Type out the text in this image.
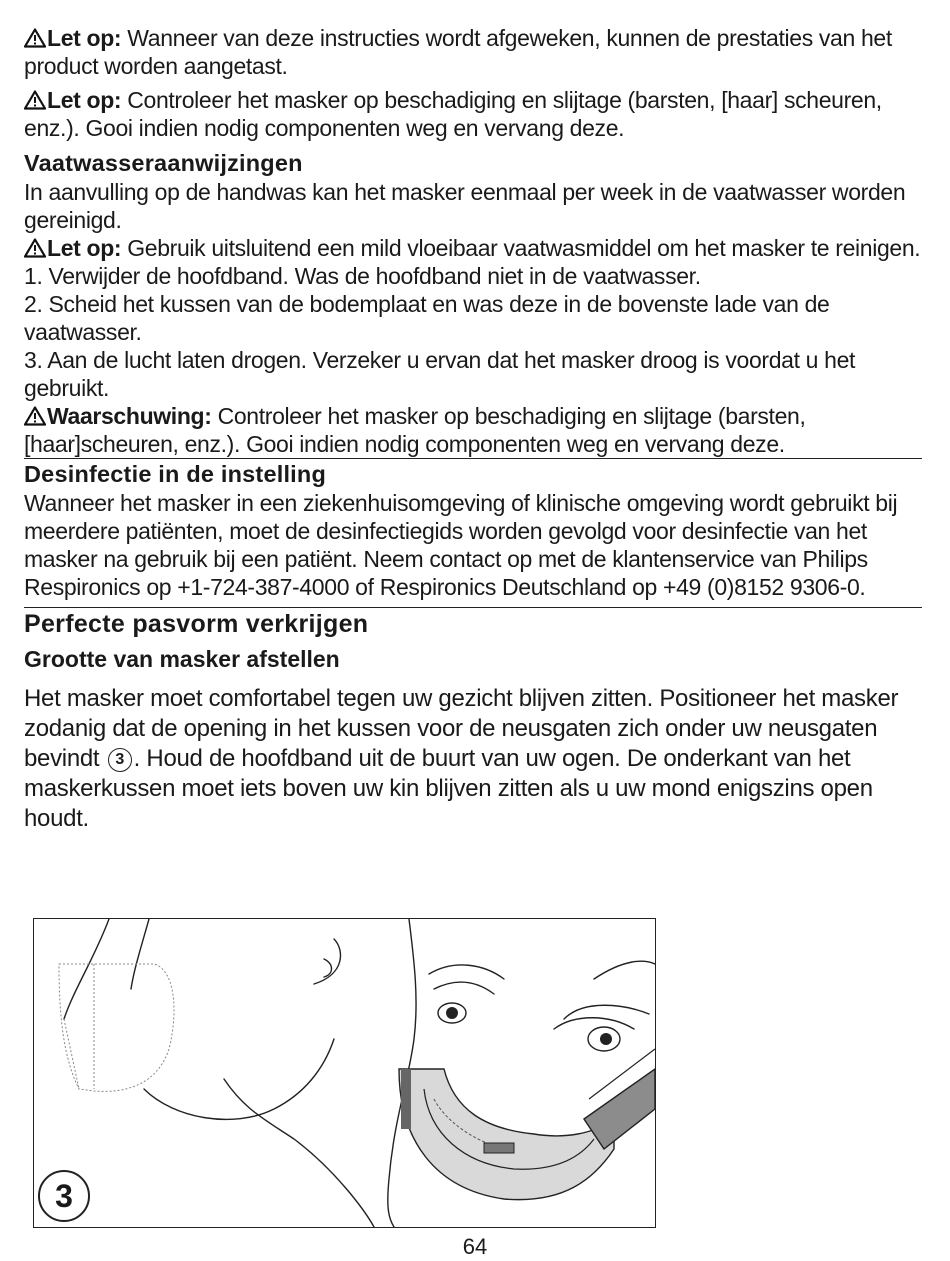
Let op: Wanneer van deze instructies wordt afgeweken, kunnen de prestaties van het product worden aangetast.

Let op: Controleer het masker op beschadiging en slijtage (barsten, [haar] scheuren, enz.). Gooi indien nodig componenten weg en vervang deze.

Vaatwasseraanwijzingen

In aanvulling op de handwas kan het masker eenmaal per week in de vaatwasser worden gereinigd.

Let op: Gebruik uitsluitend een mild vloeibaar vaatwasmiddel om het masker te reinigen.

1. Verwijder de hoofdband. Was de hoofdband niet in de vaatwasser.

2. Scheid het kussen van de bodemplaat en was deze in de bovenste lade van de vaatwasser.

3. Aan de lucht laten drogen. Verzeker u ervan dat het masker droog is voordat u het gebruikt.

Waarschuwing: Controleer het masker op beschadiging en slijtage (barsten, [haar]scheuren, enz.). Gooi indien nodig componenten weg en vervang deze.

Desinfectie in de instelling

Wanneer het masker in een ziekenhuisomgeving of klinische omgeving wordt gebruikt bij meerdere patiënten, moet de desinfectiegids worden gevolgd voor desinfectie van het masker na gebruik bij een patiënt. Neem contact op met de klantenservice van Philips Respironics op +1-724-387-4000 of Respironics Deutschland op +49 (0)8152 9306-0.

Perfecte pasvorm verkrijgen
Grootte van masker afstellen

Het masker moet comfortabel tegen uw gezicht blijven zitten. Positioneer het masker zodanig dat de opening in het kussen voor de neusgaten zich onder uw neusgaten bevindt 3 . Houd de hoofdband uit de buurt van uw ogen. De onderkant van het maskerkussen moet iets boven uw kin blijven zitten als u uw mond enigszins open houdt.

3
64
